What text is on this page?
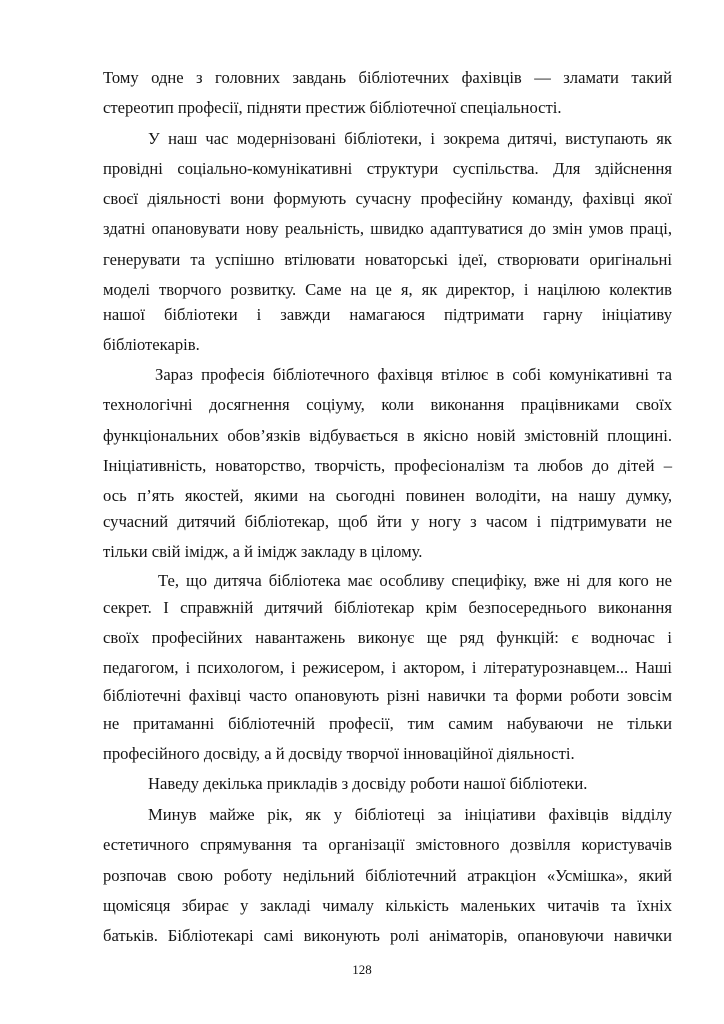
Тому одне з головних завдань бібліотечних фахівців — зламати такий
стереотип професії, підняти престиж бібліотечної спеціальності.
У наш час модернізовані бібліотеки, і зокрема дитячі, виступають як
провідні соціально-комунікативні структури суспільства. Для здійснення
своєї діяльності вони формують сучасну професійну команду, фахівці якої
здатні опановувати нову реальність, швидко адаптуватися до змін умов праці,
генерувати та успішно втілювати новаторські ідеї, створювати оригінальні
моделі творчого розвитку. Саме на це я, як директор, і націлюю колектив
нашої бібліотеки і завжди намагаюся підтримати гарну ініціативу
бібліотекарів.
Зараз професія бібліотечного фахівця втілює в собі комунікативні та
технологічні досягнення соціуму, коли виконання працівниками своїх
функціональних обов’язків відбувається в якісно новій змістовній площині.
Ініціативність, новаторство, творчість, професіоналізм та любов до дітей –
ось п’ять якостей, якими на сьогодні повинен володіти, на нашу думку,
сучасний дитячий бібліотекар, щоб йти у ногу з часом і підтримувати не
тільки свій імідж, а й імідж закладу в цілому.
Те, що дитяча бібліотека має особливу специфіку, вже ні для кого не
секрет. І справжній дитячий бібліотекар крім безпосереднього виконання
своїх професійних навантажень виконує ще ряд функцій: є водночас і
педагогом, і психологом, і режисером, і актором, і літературознавцем... Наші
бібліотечні фахівці часто опановують різні навички та форми роботи зовсім
не притаманні бібліотечній професії, тим самим набуваючи не тільки
професійного досвіду, а й досвіду творчої інноваційної діяльності.
Наведу декілька прикладів з досвіду роботи нашої бібліотеки.
Минув майже рік, як у бібліотеці за ініціативи фахівців відділу
естетичного спрямування та організації змістовного дозвілля користувачів
розпочав свою роботу недільний бібліотечний атракціон «Усмішка», який
щомісяця збирає у закладі чималу кількість маленьких читачів та їхніх
батьків. Бібліотекарі самі виконують ролі аніматорів, опановуючи навички
128
